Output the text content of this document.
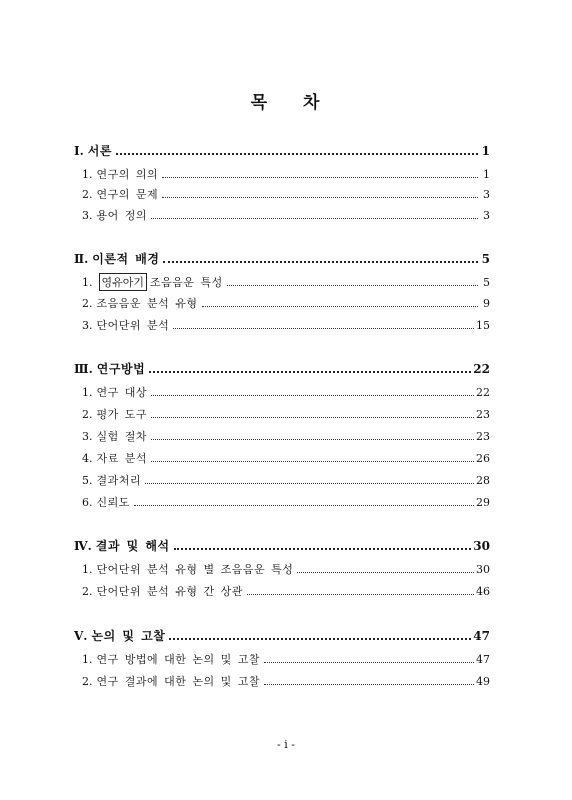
목 차
Ⅰ. 서론	1
1. 연구의 의의	1
2. 연구의 문제	3
3. 용어 정의	3
Ⅱ. 이론적 배경	5
1. 영유아기 조음음운 특성	5
2. 조음음운 분석 유형	9
3. 단어단위 분석	15
Ⅲ. 연구방법	22
1. 연구 대상	22
2. 평가 도구	23
3. 실험 절차	23
4. 자료 분석	26
5. 결과처리	28
6. 신뢰도	29
Ⅳ. 결과 및 해석	30
1. 단어단위 분석 유형 별 조음음운 특성	30
2. 단어단위 분석 유형 간 상관	46
Ⅴ. 논의 및 고찰	47
1. 연구 방법에 대한 논의 및 고찰	47
2. 연구 결과에 대한 논의 및 고찰	49
- i -
